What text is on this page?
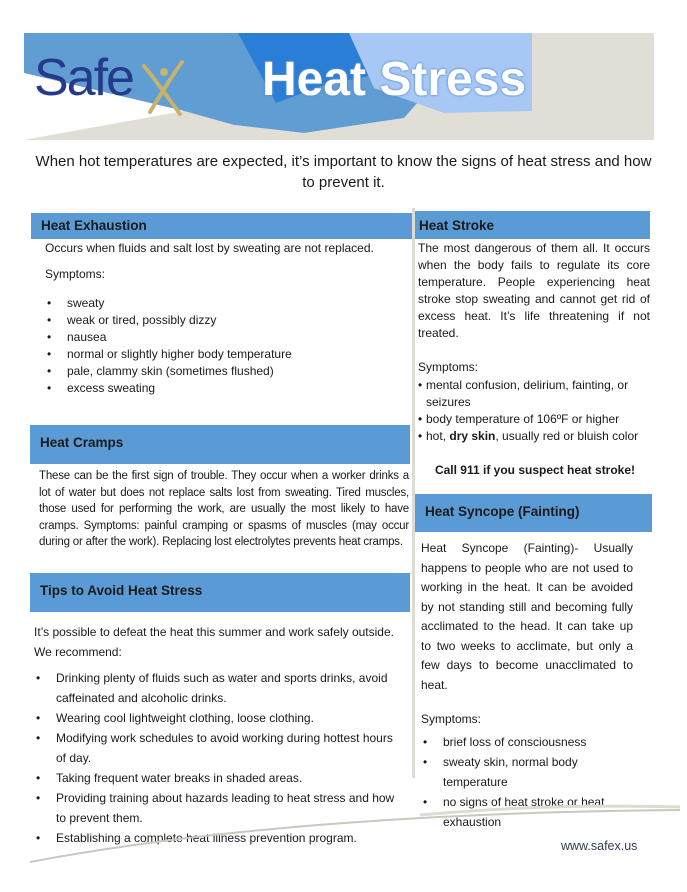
Safe	Heat Stress
When hot temperatures are expected, it’s important to know the signs of heat stress and how to prevent it.
Heat Exhaustion
Occurs when fluids and salt lost by sweating are not replaced.
Symptoms:
• sweaty
• weak or tired, possibly dizzy
• nausea
• normal or slightly higher body temperature
• pale, clammy skin (sometimes flushed)
• excess sweating
Heat Cramps
These can be the first sign of trouble. They occur when a worker drinks a lot of water but does not replace salts lost from sweating. Tired muscles, those used for performing the work, are usually the most likely to have cramps. Symptoms: painful cramping or spasms of muscles (may occur during or after the work). Replacing lost electrolytes prevents heat cramps.
Tips to Avoid Heat Stress
It’s possible to defeat the heat this summer and work safely outside. We recommend:
• Drinking plenty of fluids such as water and sports drinks, avoid caffeinated and alcoholic drinks.
• Wearing cool lightweight clothing, loose clothing.
• Modifying work schedules to avoid working during hottest hours of day.
• Taking frequent water breaks in shaded areas.
• Providing training about hazards leading to heat stress and how to prevent them.
• Establishing a complete heat illness prevention program.
Heat Stroke
The most dangerous of them all. It occurs when the body fails to regulate its core temperature. People experiencing heat stroke stop sweating and cannot get rid of excess heat. It’s life threatening if not treated.
Symptoms:
• mental confusion, delirium, fainting, or seizures
• body temperature of 106ºF or higher
• hot, dry skin, usually red or bluish color
Call 911 if you suspect heat stroke!
Heat Syncope (Fainting)
Heat Syncope (Fainting)- Usually happens to people who are not used to working in the heat. It can be avoided by not standing still and becoming fully acclimated to the head. It can take up to two weeks to acclimate, but only a few days to become unacclimated to heat.
Symptoms:
• brief loss of consciousness
• sweaty skin, normal body temperature
• no signs of heat stroke or heat exhaustion
www.safex.us
